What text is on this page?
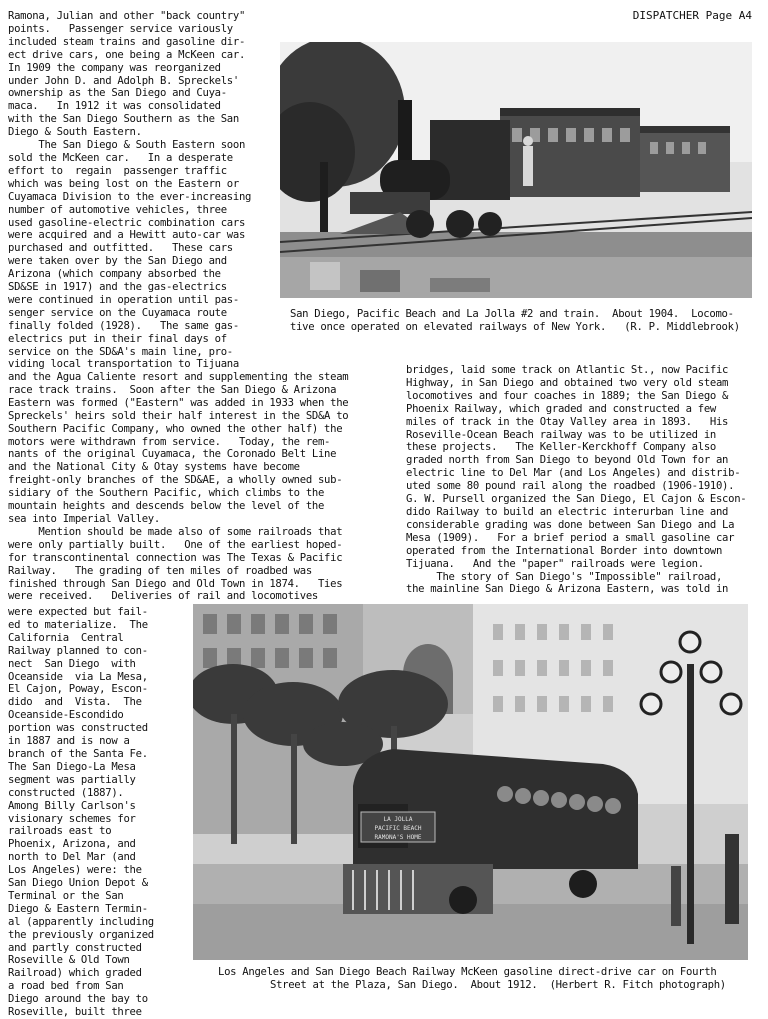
DISPATCHER Page A4
Ramona, Julian and other "back country"
points.   Passenger service variously
included steam trains and gasoline dir-
ect drive cars, one being a McKeen car.
In 1909 the company was reorganized
under John D. and Adolph B. Spreckels'
ownership as the San Diego and Cuya-
maca.   In 1912 it was consolidated
with the San Diego Southern as the San
Diego & South Eastern.
The San Diego & South Eastern soon
sold the McKeen car.   In a desperate
effort to  regain  passenger traffic
which was being lost on the Eastern or
Cuyamaca Division to the ever-increasing
number of automotive vehicles, three
used gasoline-electric combination cars
were acquired and a Hewitt auto-car was
purchased and outfitted.   These cars
were taken over by the San Diego and
Arizona (which company absorbed the
SD&SE in 1917) and the gas-electrics
were continued in operation until pas-
senger service on the Cuyamaca route
finally folded (1928).   The same gas-
electrics put in their final days of
service on the SD&A's main line, pro-
viding local transportation to Tijuana
San Diego, Pacific Beach and La Jolla #2 and train.  About 1904.  Locomo-
tive once operated on elevated railways of New York.   (R. P. Middlebrook)
and the Agua Caliente resort and supplementing the steam
race track trains.  Soon after the San Diego & Arizona
Eastern was formed ("Eastern" was added in 1933 when the
Spreckels' heirs sold their half interest in the SD&A to
Southern Pacific Company, who owned the other half) the
motors were withdrawn from service.   Today, the rem-
nants of the original Cuyamaca, the Coronado Belt Line
and the National City & Otay systems have become
freight-only branches of the SD&AE, a wholly owned sub-
sidiary of the Southern Pacific, which climbs to the
mountain heights and descends below the level of the
sea into Imperial Valley.
Mention should be made also of some railroads that
were only partially built.   One of the earliest hoped-
for transcontinental connection was The Texas & Pacific
Railway.   The grading of ten miles of roadbed was
finished through San Diego and Old Town in 1874.   Ties
were received.   Deliveries of rail and locomotives
bridges, laid some track on Atlantic St., now Pacific
Highway, in San Diego and obtained two very old steam
locomotives and four coaches in 1889; the San Diego &
Phoenix Railway, which graded and constructed a few
miles of track in the Otay Valley area in 1893.   His
Roseville-Ocean Beach railway was to be utilized in
these projects.   The Keller-Kerckhoff Company also
graded north from San Diego to beyond Old Town for an
electric line to Del Mar (and Los Angeles) and distrib-
uted some 80 pound rail along the roadbed (1906-1910).
G. W. Pursell organized the San Diego, El Cajon & Escon-
dido Railway to build an electric interurban line and
considerable grading was done between San Diego and La
Mesa (1909).   For a brief period a small gasoline car
operated from the International Border into downtown
Tijuana.   And the "paper" railroads were legion.
The story of San Diego's "Impossible" railroad,
the mainline San Diego & Arizona Eastern, was told in
were expected but fail-
ed to materialize.  The
California  Central
Railway planned to con-
nect  San Diego  with
Oceanside  via La Mesa,
El Cajon, Poway, Escon-
dido  and  Vista.  The
Oceanside-Escondido
portion was constructed
in 1887 and is now a
branch of the Santa Fe.
The San Diego-La Mesa
segment was partially
constructed (1887).
Among Billy Carlson's
visionary schemes for
railroads east to
Phoenix, Arizona, and
north to Del Mar (and
Los Angeles) were: the
San Diego Union Depot &
Terminal or the San
Diego & Eastern Termin-
al (apparently including
the previously organized
and partly constructed
Roseville & Old Town
Railroad) which graded
a road bed from San
Diego around the bay to
Roseville, built three
LA JOLLA
PACIFIC BEACH
RAMONA'S HOME
Los Angeles and San Diego Beach Railway McKeen gasoline direct-drive car on Fourth
Street at the Plaza, San Diego.  About 1912.  (Herbert R. Fitch photograph)
